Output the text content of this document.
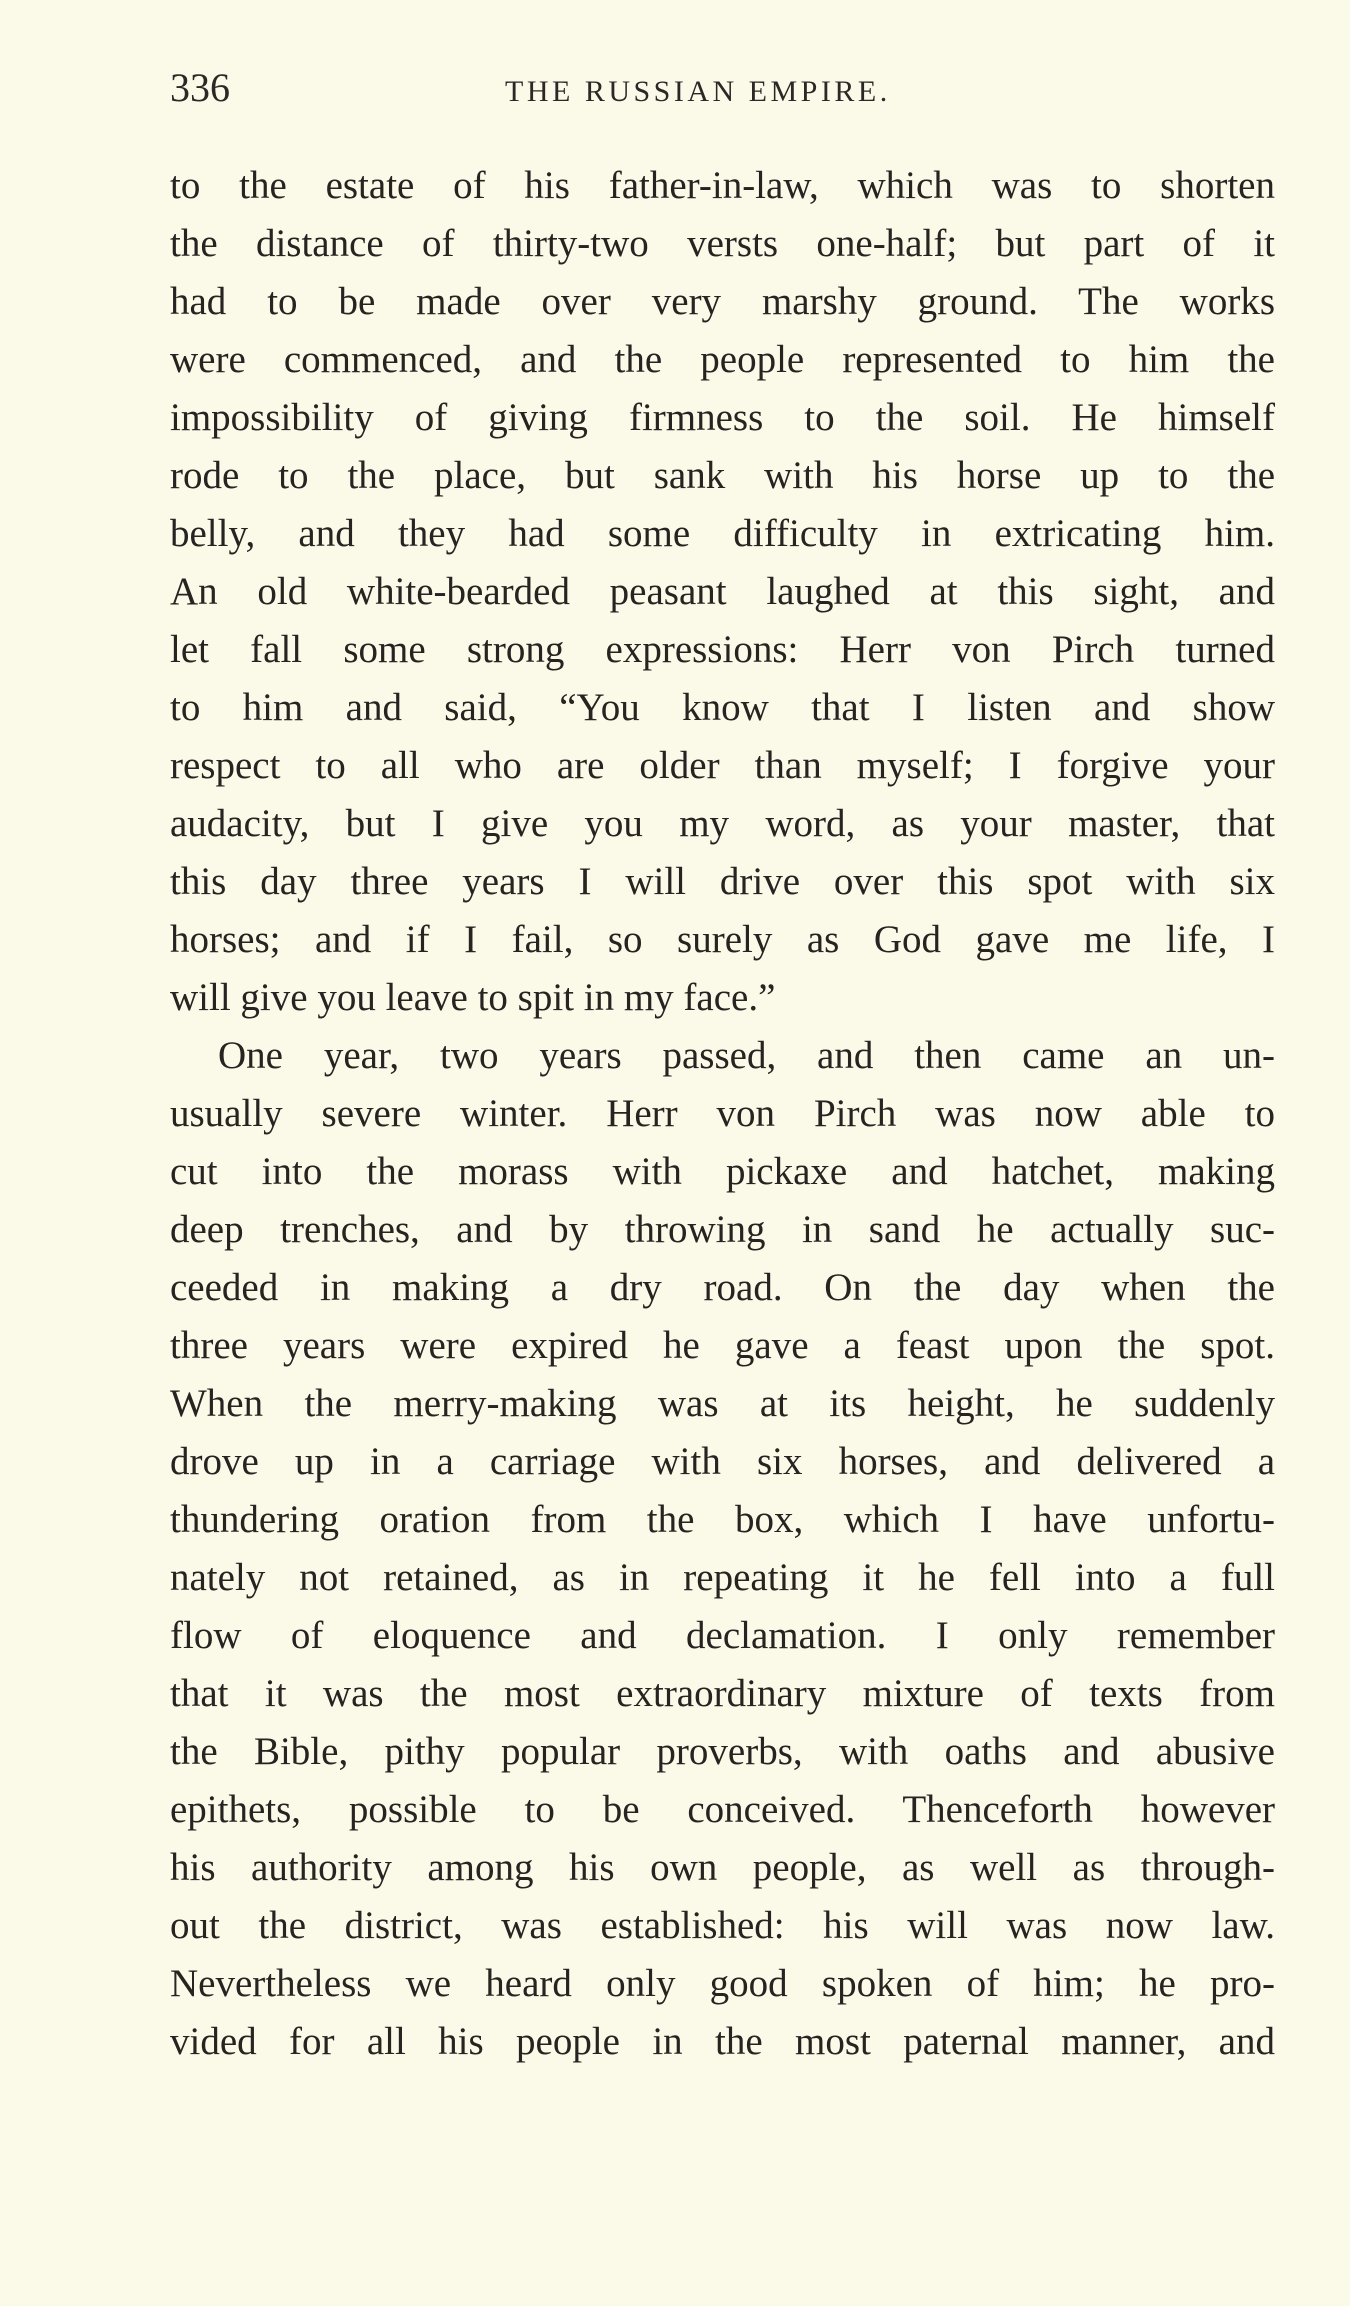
336	THE RUSSIAN EMPIRE.
to the estate of his father-in-law, which was to shorten
the distance of thirty-two versts one-half; but part of it
had to be made over very marshy ground. The works
were commenced, and the people represented to him the
impossibility of giving firmness to the soil. He himself
rode to the place, but sank with his horse up to the
belly, and they had some difficulty in extricating him.
An old white-bearded peasant laughed at this sight, and
let fall some strong expressions: Herr von Pirch turned
to him and said, “You know that I listen and show
respect to all who are older than myself; I forgive your
audacity, but I give you my word, as your master, that
this day three years I will drive over this spot with six
horses; and if I fail, so surely as God gave me life, I
will give you leave to spit in my face.”
One year, two years passed, and then came an un-
usually severe winter. Herr von Pirch was now able to
cut into the morass with pickaxe and hatchet, making
deep trenches, and by throwing in sand he actually suc-
ceeded in making a dry road. On the day when the
three years were expired he gave a feast upon the spot.
When the merry-making was at its height, he suddenly
drove up in a carriage with six horses, and delivered a
thundering oration from the box, which I have unfortu-
nately not retained, as in repeating it he fell into a full
flow of eloquence and declamation. I only remember
that it was the most extraordinary mixture of texts from
the Bible, pithy popular proverbs, with oaths and abusive
epithets, possible to be conceived. Thenceforth however
his authority among his own people, as well as through-
out the district, was established: his will was now law.
Nevertheless we heard only good spoken of him; he pro-
vided for all his people in the most paternal manner, and
